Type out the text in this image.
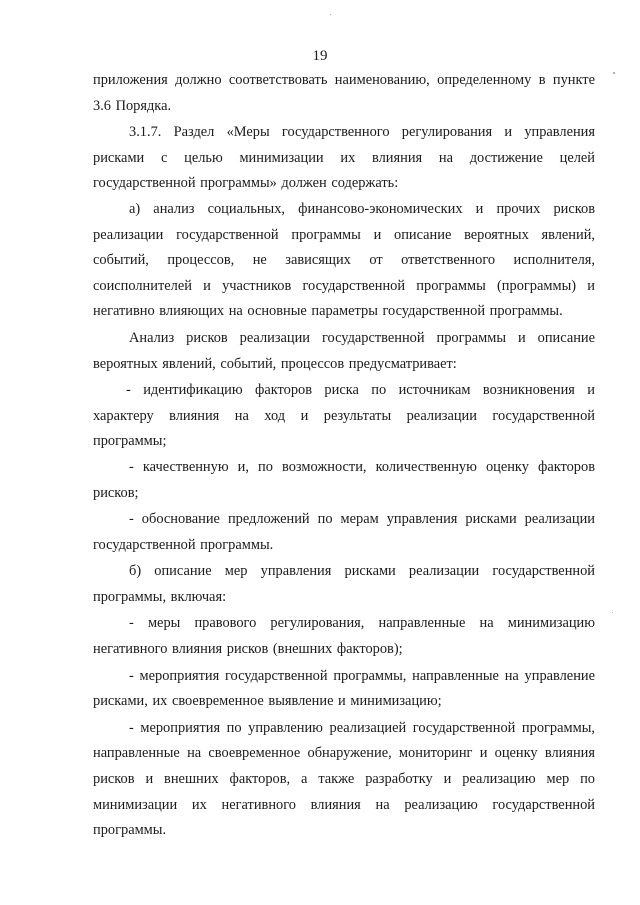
19

приложения должно соответствовать наименованию, определенному в пункте 3.6 Порядка.

3.1.7. Раздел «Меры государственного регулирования и управления рисками с целью минимизации их влияния на достижение целей государственной программы» должен содержать:

а) анализ социальных, финансово-экономических и прочих рисков реализации государственной программы и описание вероятных явлений, событий, процессов, не зависящих от ответственного исполнителя, соисполнителей и участников государственной программы (программы) и негативно влияющих на основные параметры государственной программы.

Анализ рисков реализации государственной программы и описание вероятных явлений, событий, процессов предусматривает:

- идентификацию факторов риска по источникам возникновения и характеру влияния на ход и результаты реализации государственной программы;

- качественную и, по возможности, количественную оценку факторов рисков;

- обоснование предложений по мерам управления рисками реализации государственной программы.

б) описание мер управления рисками реализации государственной программы, включая:

- меры правового регулирования, направленные на минимизацию негативного влияния рисков (внешних факторов);

- мероприятия государственной программы, направленные на управление рисками, их своевременное выявление и минимизацию;

- мероприятия по управлению реализацией государственной программы, направленные на своевременное обнаружение, мониторинг и оценку влияния рисков и внешних факторов, а также разработку и реализацию мер по минимизации их негативного влияния на реализацию государственной программы.
